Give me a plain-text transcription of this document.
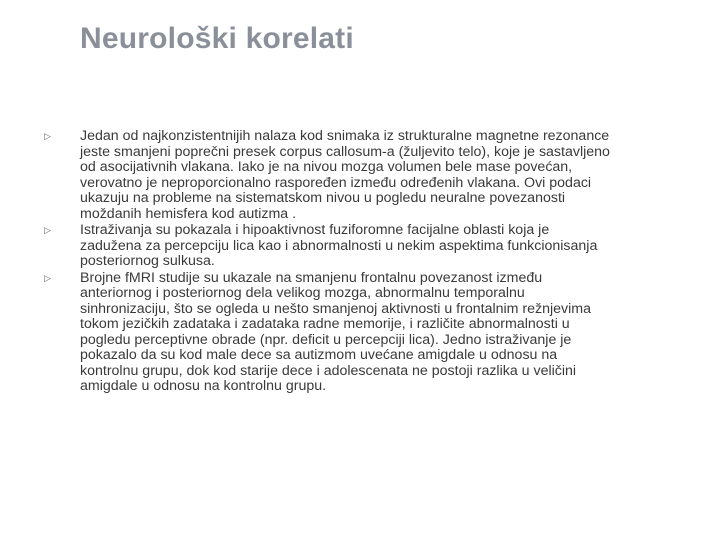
Neurološki korelati
▷	Jedan od najkonzistentnijih nalaza kod snimaka iz strukturalne magnetne rezonance jeste smanjeni poprečni presek corpus callosum-a (žuljevito telo), koje je sastavljeno od asocijativnih vlakana. Iako je na nivou mozga volumen bele mase povećan, verovatno je neproporcionalno raspoređen između određenih vlakana. Ovi podaci ukazuju na probleme na sistematskom nivou u pogledu neuralne povezanosti moždanih hemisfera kod autizma .

▷	Istraživanja su pokazala i hipoaktivnost fuziforomne facijalne oblasti koja je zadužena za percepciju lica kao i abnormalnosti u nekim aspektima funkcionisanja posteriornog sulkusa.

▷	Brojne fMRI studije su ukazale na smanjenu frontalnu povezanost između anteriornog i posteriornog dela velikog mozga, abnormalnu temporalnu sinhronizaciju, što se ogleda u nešto smanjenoj aktivnosti u frontalnim režnjevima tokom jezičkih zadataka i zadataka radne memorije, i različite abnormalnosti u pogledu perceptivne obrade (npr. deficit u percepciji lica). Jedno istraživanje je pokazalo da su kod male dece sa autizmom uvećane amigdale u odnosu na kontrolnu grupu, dok kod starije dece i adolescenata ne postoji razlika u veličini amigdale u odnosu na kontrolnu grupu.
